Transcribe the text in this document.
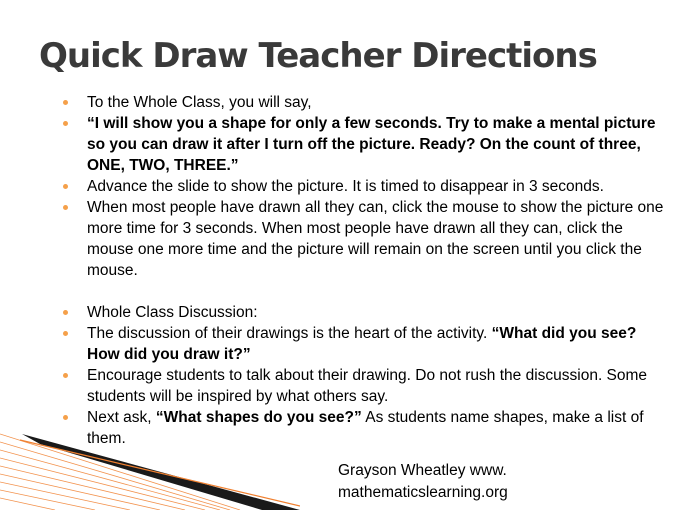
Quick Draw Teacher Directions
To the Whole Class, you will say,
“I will show you a shape for only a few seconds. Try to make a mental picture so you can draw it after I turn off the picture. Ready? On the count of three, ONE, TWO, THREE.”
Advance the slide to show the picture. It is timed to disappear in 3 seconds.
When most people have drawn all they can, click the mouse to show the picture one more time for 3 seconds. When most people have drawn all they can, click the mouse one more time and the picture will remain on the screen until you click the mouse.
Whole Class Discussion:
The discussion of their drawings is the heart of the activity. “What did you see? How did you draw it?”
Encourage students to talk about their drawing. Do not rush the discussion. Some students will be inspired by what others say.
Next ask, “What shapes do you see?” As students name shapes, make a list of them.
Grayson Wheatley www.
mathematicslearning.org
